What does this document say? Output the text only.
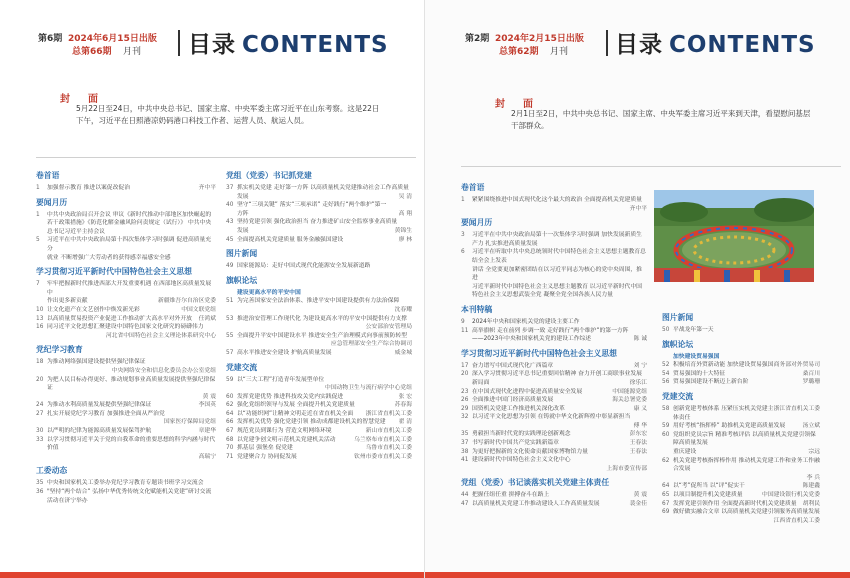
第6期 2024年6月15日出版
总第66期 月刊	目录 CONTENTS
封　面
5月22日至24日，中共中央总书记、国家主席、中央军委主席习近平在山东考察。这是22日
下午，习近平在日照港凉奶码港口科技工作者、运营人员、航运人员。
卷首语
1	加强督示教育 推进以案促改促治	齐中平
要闻月历
1	中共中央政治局召开会议 审议《新时代推动中部地区加快崛起的若干政策措施》《防范化解金融风险问责规定（试行）》 中共中央
总书记习近平主持会议
5	习近平在中共中央政治局第十四次集体学习时强调 促进高质量充分
就业 不断增强广大劳动者的获得感幸福感安全感
学习贯彻习近平新时代中国特色社会主义思想
7	牢牢把握新时代推进西部大开发重要机遇 在西部地区高质量发展中
作出更多新贡献	新疆维吾尔自治区党委
10 让文化遗产在文艺创作中焕发新光彩	中国文联党组
13 以高质量贸易投资产业促进工作推动扩大高水平对外开放	任鸿斌
16 同习近平文化思想汇聚建设中国特色国家文化研究的磅礴伟力
河北省中国特色社会主义理论体系研究中心
党纪学习教育
18 为推动网络强国建设提供坚强纪律保证
中央网络安全和信息化委员会办公室党组
20 为把人民目标办得更好、推动规划事业高质量发展提供坚强纪律保证
黄 震
24 为推动水利高质量发展提供坚强纪律保证	李国英
27 扎实开展党纪学习教育 加强推进全面从严治党
国家医疗保障局党组
30 以严明的纪律为能源高质量发展保驾护航	章建华
33 以学习贯彻习近平关于党的自我革命的重要思想的科学内涵与时代价值
高瑞宁
工委动态
35 中央和国家机关工委举办党纪学习教育专题读书班学习交流会
36 "坚持“两个结合” 弘扬中华优秀传统文化赋能机关党建”研讨交流
活动在济宁举办
党组（党委）书记抓党建
37 抓实机关党建 走好第一方阵 以高质量机关党建推动社会工作高质量
发展	吴 清
40 坚守“三项关键” 落实“三项承诺” 走好践行“两个维护”第一
方阵	高 翔
43 坚持党建引领 强化政治担当 奋力推进矿山安全监察事业高质量
发展	黄锦生
45 全面提高机关党建质量 服务金融强国建设	廖 林
图片新闻
49 国家能源局：走好中国式现代化能源安全发展新道路
旗帜论坛
建设更高水平的平安中国
51 为完善国家安全法治体系、推进平安中国建设提供有力法治保障
沈春耀
53 推进治安管理工作现代化 为建设更高水平的平安中国提供有力支撑
公安部治安管理局
55 全面提升平安中国建设水平 推进安全生产治理模式向事前预防转型
应急管理部安全生产综合协调司
57 高水平推进安全建设 护航高质量发展	威金城
党建交流
59 以“三大工程”打造青年发展型单位
中国动物卫生与流行病学中心党组
60 发挥党建优势 推进科技攻关党内实践促进	张 宏
62 强化党组织领导与发展 全面提升机关党建质量	苏春海
64 以“功能织网”让精神文明走近在省直机关全面	浙江省直机关工委
66 发挥机关优势 强化党建引领 推动成都建设机关的智慧党建	翟 清
67 规范党员到课行为 营造文明网络环境	新山市直机关工委
68 以党建争创文明示范机关党建机关活动	乌兰察布市直机关工委
70 抓基层 强堡垒 促党建	乌鲁市直机关工委
71 党建聚合力 协同促发展	钦州市委市直机关工委
第2期 2024年2月15日出版
总第62期 月刊	目录 CONTENTS
封　面
2月1日至2日，中共中央总书记、国家主席、中央军委主席习近平来到天津，看望慰问基层
干部群众。
卷首语
1	紧紧围绕推进中国式现代化这个最大的政治 全面提高机关党建质量
齐中平
要闻月历
3	习近平在中共中央政治局第十一次集体学习时强调 加快发展新质生
产力 扎实推进高质量发展
6	习近平在听取中共中央总统领时代中国特色社会主义思想主题教育总结全会上发表
讲话 全党要更加紧密团结在以习近平同志为核心的党中央周围，推进
习近平新时代中国特色社会主义思想主题教育 以习近平新时代中国
特色社会主义思想武装全党 凝聚全党全国各族人民力量
本刊特稿
9	2024年中央和国家机关党的建设主要工作
11 高举旗帜 走在前列 步调一致 走好践行“两个维护”的第一方阵
——2023年中央和国家机关党的建设工作综述	陈 诚
学习贯彻习近平新时代中国特色社会主义思想
17 奋力谱写中国式现代化广西篇章	刘 宁
20 深入学习贯彻习近平总书记重要回信精神 奋力开创工商联事业发展
新局面	徐乐江
23 在中国式现代化进程中促进高质量安全发展	中国能源党组
26 全面推进中国门经济高质量发展	海关总署党委
29 国资机关党建工作推进机关深化改革	康 义
32 以习近平文化思想为引领 在铸就中华文化新辉煌中彰显新担当
傅 华
35 勇毅担当新时代党的实践理论创新观念	彭东宏
37 书写新时代中国共产党实践新篇章	王春法
38 为更好把握新的文化使命贡献国家博物馆力量	王春法
41 建设新时代中国特色社会主义文化中心
上海市委宣传部
党组（党委）书记谈落实机关党建主体责任
44 把握任组任重 拼搏奋斗在路上	黄 震
47 以高质量机关党建工作推动建设人工作高质量发展	裴金佳
图片新闻
50 平战龙年第一天
旗帜论坛
加快建设贸易强国
52 积极培育外贸新动能 加快建设贸易强国 商务部对外贸易司
54 贸易强国的十大特征	桑百川
56 贸易强国建设不断迈上新台阶	罗璐珊
党建交流
58 创新党建考核体系 压紧压实机关党建主体责任
浙江省直机关工委
59 用好考核“指挥棒” 助推机关党建高质量发展	汤立斌
60 党组织党员宗旨 精准考核评估 以高质量机关党建引领保障高质量发展
重庆建设	宗远
62 机关党建考核指挥棒作用 推动机关党建工作和业务工作融合发展
李 兵
64 以“考”促所当 以“评”促实干	陈建鑫
65 以项目制提升机关党建质量	中国建设银行机关党委
67 发挥党建引领作用 全面提高新时代机关党建质量	胡利民
69 做好做实融合文章 以高质量机关党建引领服务高质量发展
江西省直机关工委
